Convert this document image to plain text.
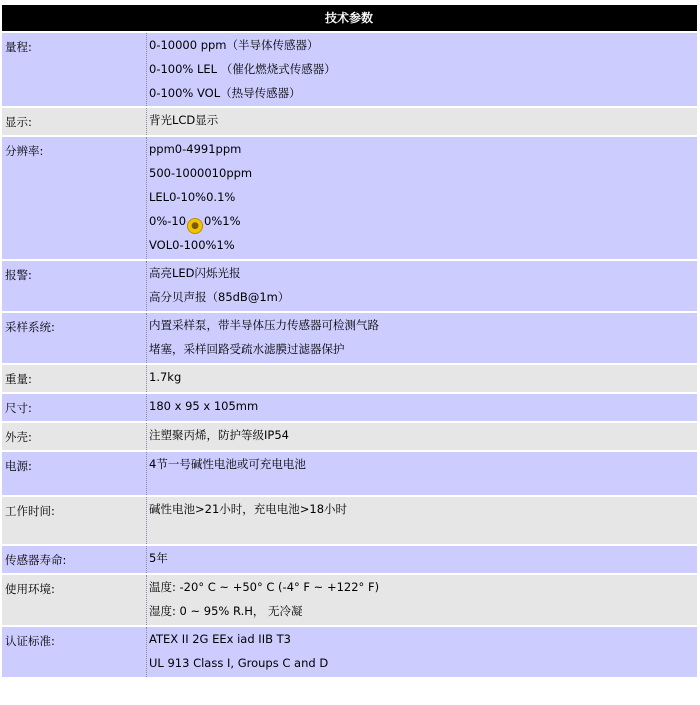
技术参数	

量程:	0-10000 ppm（半导体传感器）
0-100% LEL （催化燃烧式传感器）
0-100% VOL（热导传感器）

显示:	背光LCD显示

分辨率:	ppm0-4991ppm
500-1000010ppm
LEL0-10%0.1%
0%-10 ● 0%1%
VOL0-100%1%

报警:	高亮LED闪烁光报
高分贝声报（85dB@1m）

采样系统:	内置采样泵，带半导体压力传感器可检测气路
堵塞，采样回路受疏水滤膜过滤器保护

重量:	1.7kg

尺寸:	180 x 95 x 105mm

外壳:	注塑聚丙烯，防护等级IP54

电源:	4节一号碱性电池或可充电电池

工作时间:	碱性电池>21小时，充电电池>18小时

传感器寿命:	5年

使用环境:	温度: -20° C ~ +50° C (-4° F ~ +122° F)
湿度: 0 ~ 95% R.H， 无冷凝

认证标准:	ATEX II 2G EEx iad IIB T3
UL 913 Class I, Groups C and D
